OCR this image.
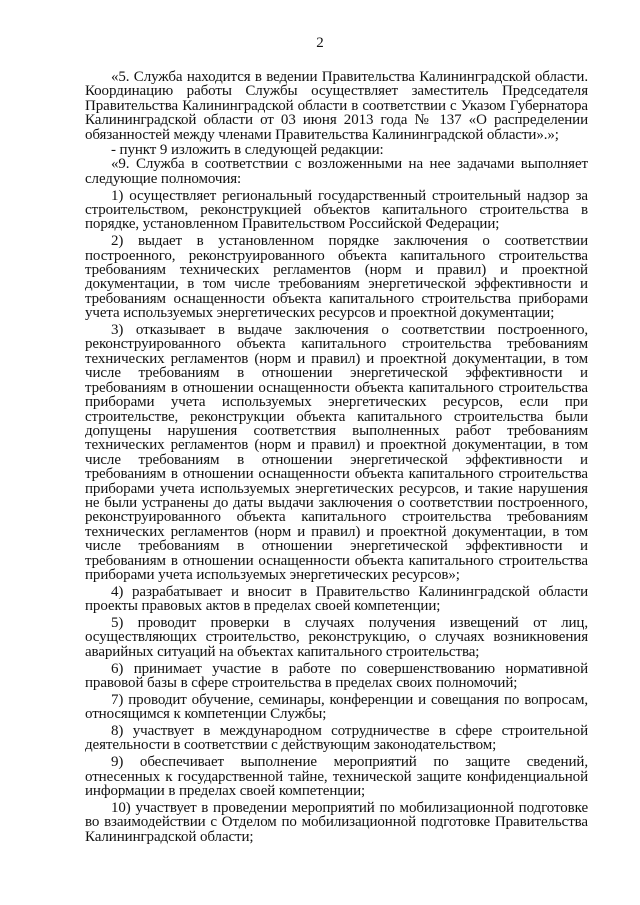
2

«5. Служба находится в ведении Правительства Калининградской области. Координацию работы Службы осуществляет заместитель Председателя Правительства Калининградской области в соответствии с Указом Губернатора Калининградской области от 03 июня 2013 года № 137 «О распределении обязанностей между членами Правительства Калининградской области».»;

- пункт 9 изложить в следующей редакции:

«9. Служба в соответствии с возложенными на нее задачами выполняет следующие полномочия:

1) осуществляет региональный государственный строительный надзор за строительством, реконструкцией объектов капитального строительства в порядке, установленном Правительством Российской Федерации;

2) выдает в установленном порядке заключения о соответствии построенного, реконструированного объекта капитального строительства требованиям технических регламентов (норм и правил) и проектной документации, в том числе требованиям энергетической эффективности и требованиям оснащенности объекта капитального строительства приборами учета используемых энергетических ресурсов и проектной документации;

3) отказывает в выдаче заключения о соответствии построенного, реконструированного объекта капитального строительства требованиям технических регламентов (норм и правил) и проектной документации, в том числе требованиям в отношении энергетической эффективности и требованиям в отношении оснащенности объекта капитального строительства приборами учета используемых энергетических ресурсов, если при строительстве, реконструкции объекта капитального строительства были допущены нарушения соответствия выполненных работ требованиям технических регламентов (норм и правил) и проектной документации, в том числе требованиям в отношении энергетической эффективности и требованиям в отношении оснащенности объекта капитального строительства приборами учета используемых энергетических ресурсов, и такие нарушения не были устранены до даты выдачи заключения о соответствии построенного, реконструированного объекта капитального строительства требованиям технических регламентов (норм и правил) и проектной документации, в том числе требованиям в отношении энергетической эффективности и требованиям в отношении оснащенности объекта капитального строительства приборами учета используемых энергетических ресурсов»;

4) разрабатывает и вносит в Правительство Калининградской области проекты правовых актов в пределах своей компетенции;

5) проводит проверки в случаях получения извещений от лиц, осуществляющих строительство, реконструкцию, о случаях возникновения аварийных ситуаций на объектах капитального строительства;

6) принимает участие в работе по совершенствованию нормативной правовой базы в сфере строительства в пределах своих полномочий;

7) проводит обучение, семинары, конференции и совещания по вопросам, относящимся к компетенции Службы;

8) участвует в международном сотрудничестве в сфере строительной деятельности в соответствии с действующим законодательством;

9) обеспечивает выполнение мероприятий по защите сведений, отнесенных к государственной тайне, технической защите конфиденциальной информации в пределах своей компетенции;

10) участвует в проведении мероприятий по мобилизационной подготовке во взаимодействии с Отделом по мобилизационной подготовке Правительства Калининградской области;
